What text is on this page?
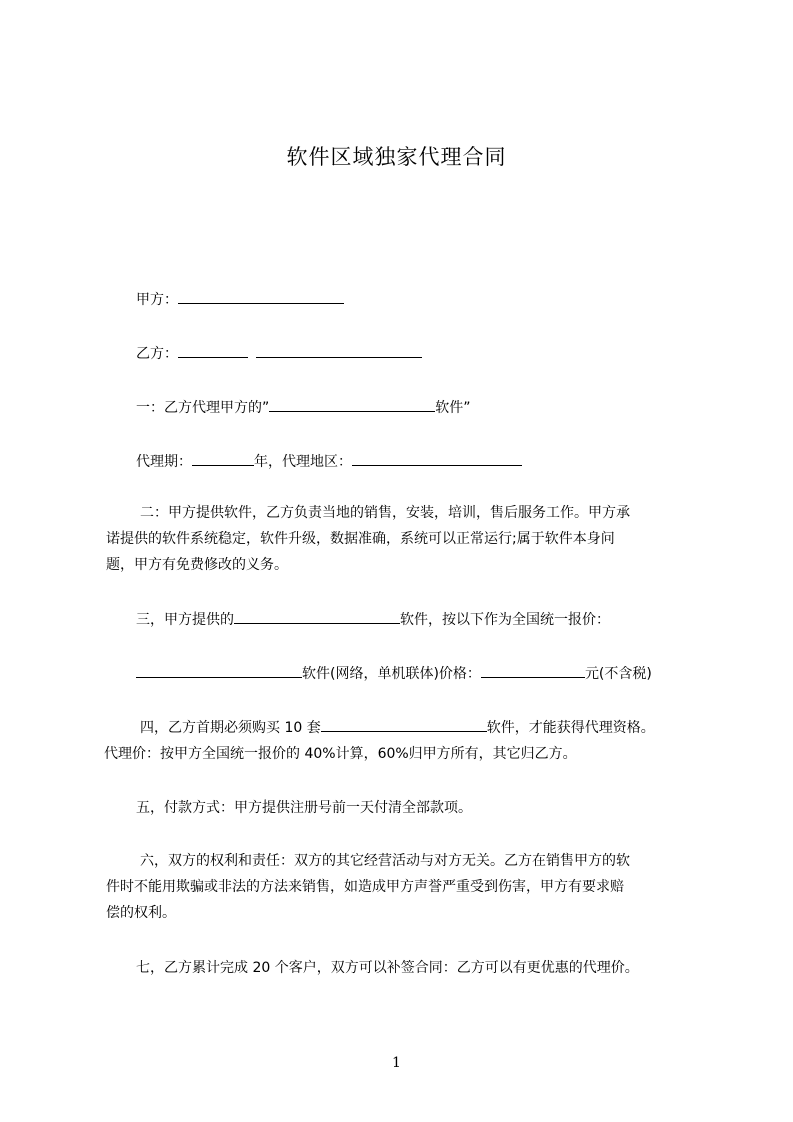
软件区域独家代理合同
甲方：
乙方：
一：乙方代理甲方的”	软件”
代理期：	年，代理地区：
二：甲方提供软件，乙方负责当地的销售，安装，培训，售后服务工作。甲方承
诺提供的软件系统稳定，软件升级，数据准确，系统可以正常运行;属于软件本身问
题，甲方有免费修改的义务。
三，甲方提供的	软件，按以下作为全国统一报价：
软件(网络，单机联体)价格：	元(不含税)
四，乙方首期必须购买 10 套	软件，才能获得代理资格。
代理价：按甲方全国统一报价的 40%计算，60%归甲方所有，其它归乙方。
五，付款方式：甲方提供注册号前一天付清全部款项。
六，双方的权利和责任：双方的其它经营活动与对方无关。乙方在销售甲方的软
件时不能用欺骗或非法的方法来销售，如造成甲方声誉严重受到伤害，甲方有要求赔
偿的权利。
七，乙方累计完成 20 个客户，双方可以补签合同：乙方可以有更优惠的代理价。
1
